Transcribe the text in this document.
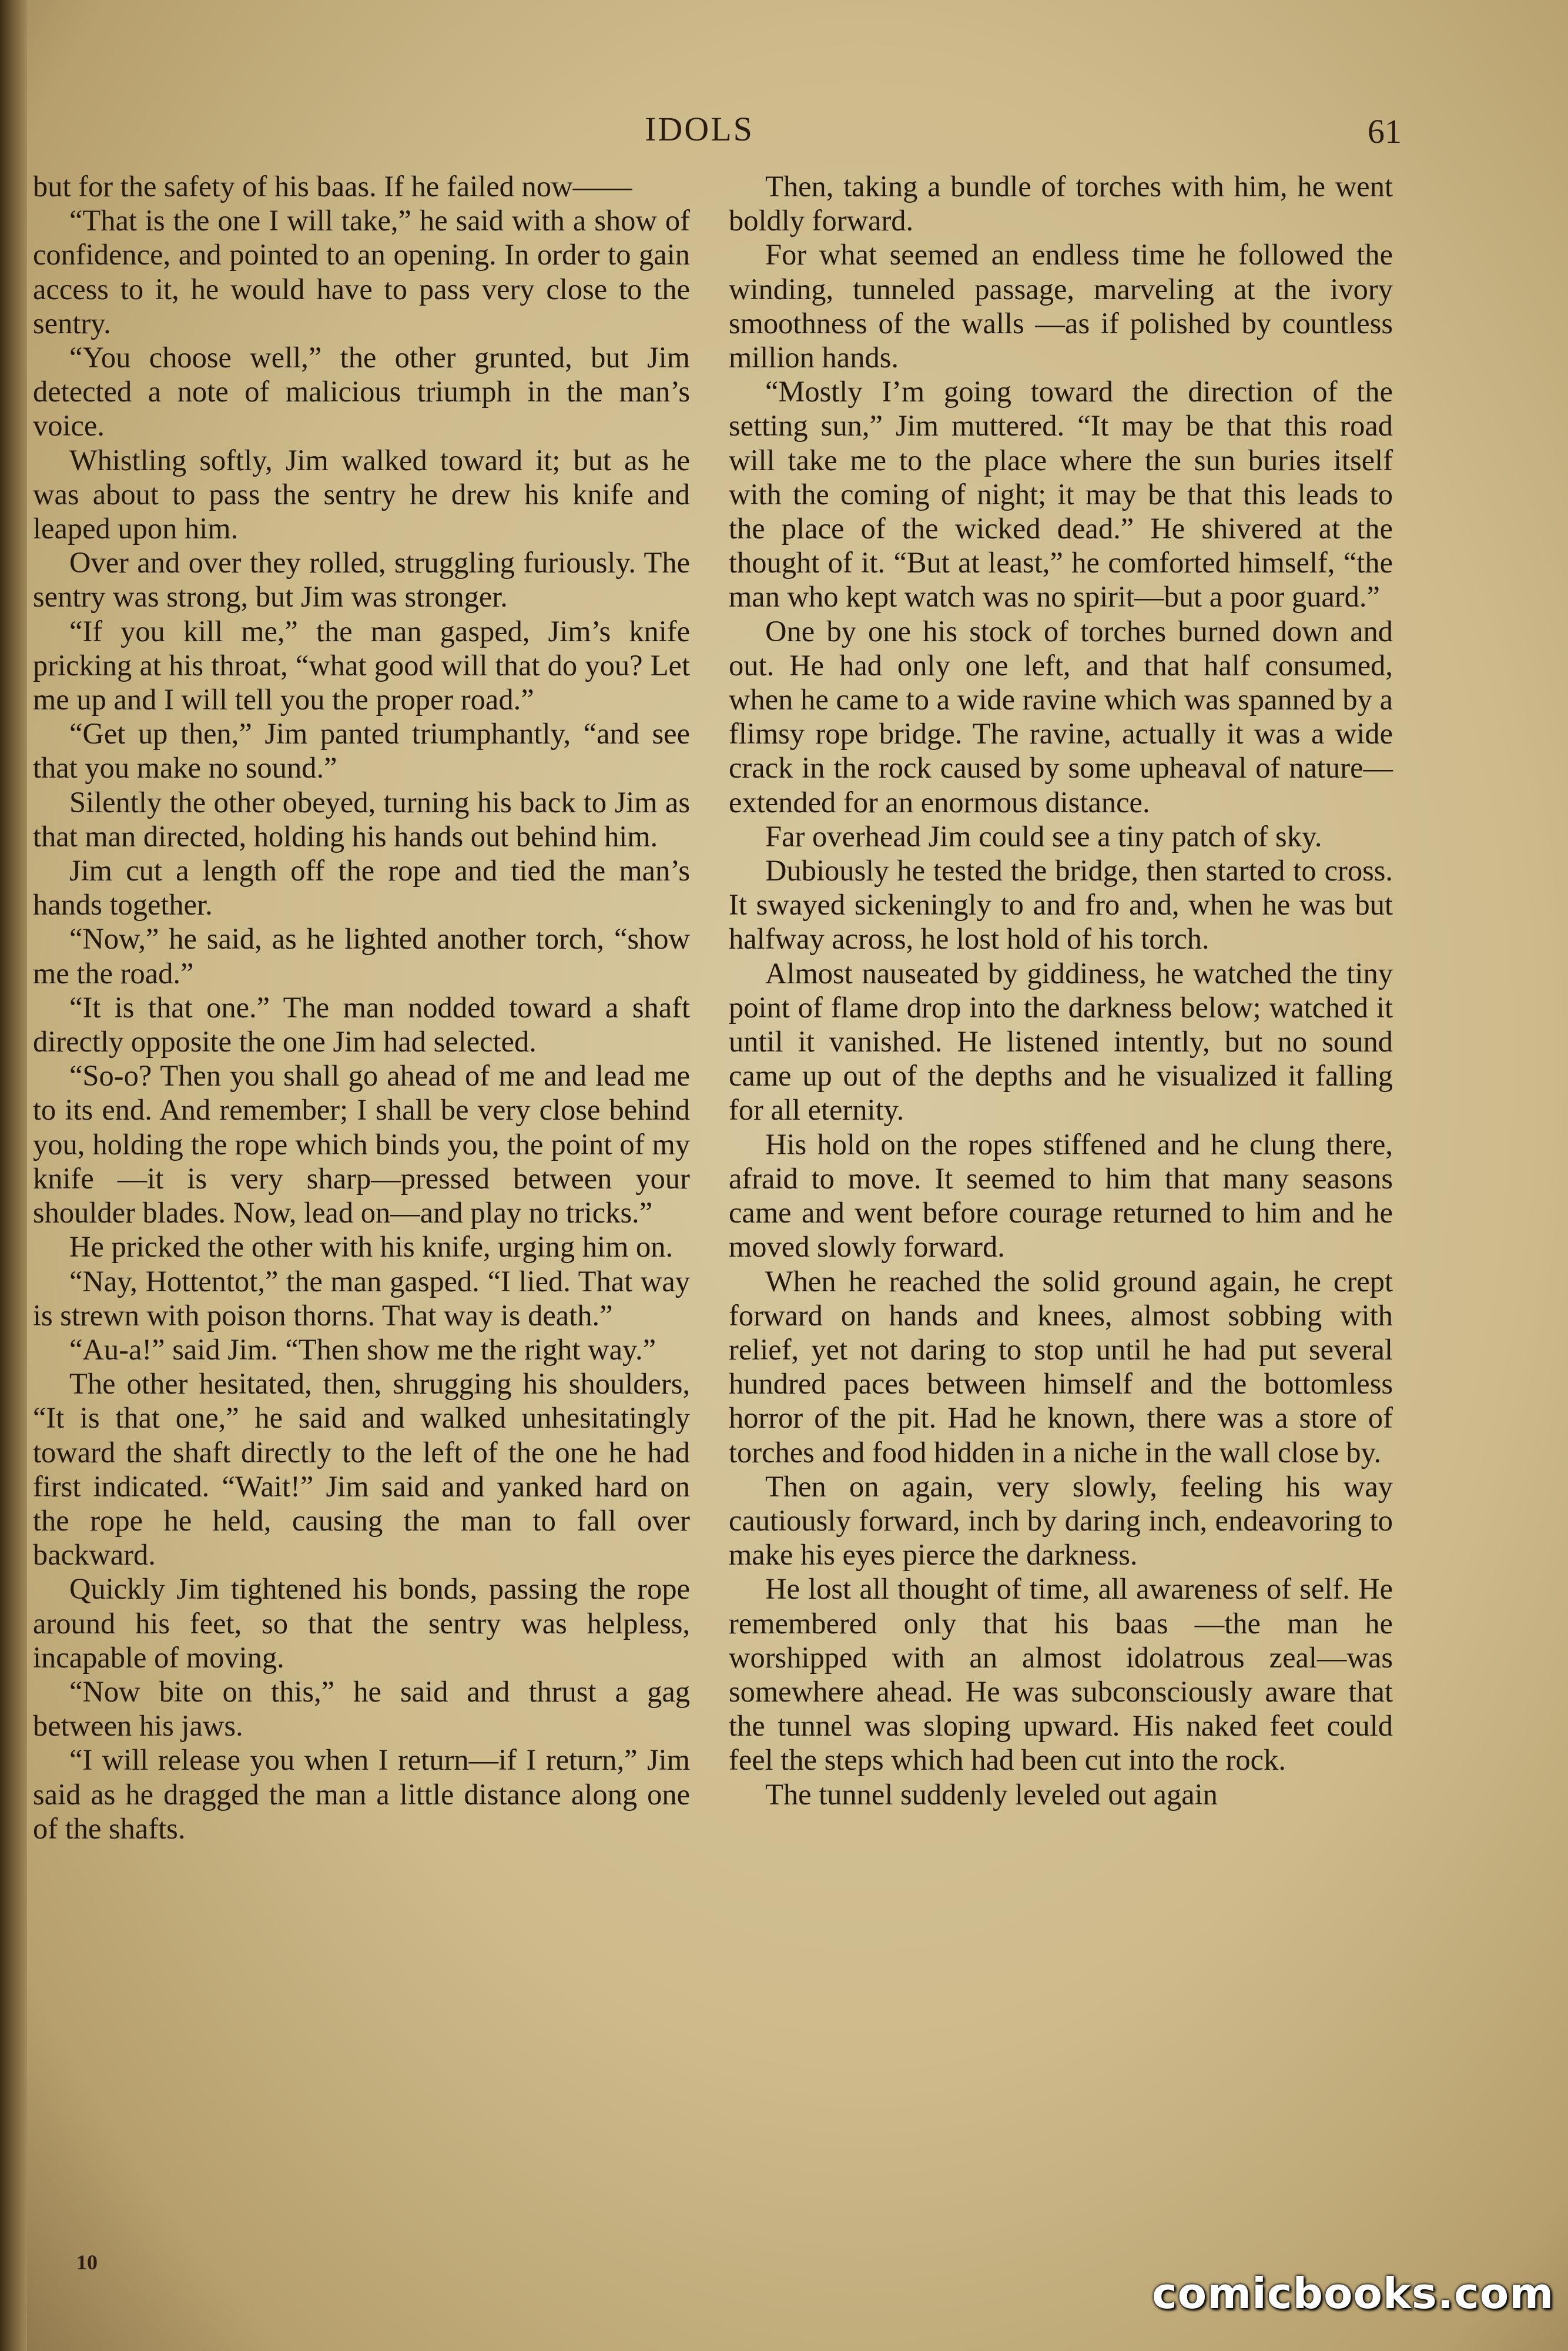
IDOLS	61

but for the safety of his baas. If he failed now——

“That is the one I will take,” he said with a show of confidence, and pointed to an opening. In order to gain access to it, he would have to pass very close to the sentry.

“You choose well,” the other grunted, but Jim detected a note of malicious triumph in the man’s voice.

Whistling softly, Jim walked toward it; but as he was about to pass the sentry he drew his knife and leaped upon him.

Over and over they rolled, struggling furiously. The sentry was strong, but Jim was stronger.

“If you kill me,” the man gasped, Jim’s knife pricking at his throat, “what good will that do you? Let me up and I will tell you the proper road.”

“Get up then,” Jim panted triumphantly, “and see that you make no sound.”

Silently the other obeyed, turning his back to Jim as that man directed, holding his hands out behind him.

Jim cut a length off the rope and tied the man’s hands together.

“Now,” he said, as he lighted another torch, “show me the road.”

“It is that one.” The man nodded toward a shaft directly opposite the one Jim had selected.

“So-o? Then you shall go ahead of me and lead me to its end. And remember; I shall be very close behind you, holding the rope which binds you, the point of my knife —it is very sharp—pressed between your shoulder blades. Now, lead on—and play no tricks.”

He pricked the other with his knife, urging him on.

“Nay, Hottentot,” the man gasped. “I lied. That way is strewn with poison thorns. That way is death.”

“Au-a!” said Jim. “Then show me the right way.”

The other hesitated, then, shrugging his shoulders, “It is that one,” he said and walked unhesitatingly toward the shaft directly to the left of the one he had first indicated. “Wait!” Jim said and yanked hard on the rope he held, causing the man to fall over backward.

Quickly Jim tightened his bonds, passing the rope around his feet, so that the sentry was helpless, incapable of moving.

“Now bite on this,” he said and thrust a gag between his jaws.

“I will release you when I return—if I return,” Jim said as he dragged the man a little distance along one of the shafts.

Then, taking a bundle of torches with him, he went boldly forward.

For what seemed an endless time he followed the winding, tunneled passage, marveling at the ivory smoothness of the walls —as if polished by countless million hands.

“Mostly I’m going toward the direction of the setting sun,” Jim muttered. “It may be that this road will take me to the place where the sun buries itself with the coming of night; it may be that this leads to the place of the wicked dead.” He shivered at the thought of it. “But at least,” he comforted himself, “the man who kept watch was no spirit—but a poor guard.”

One by one his stock of torches burned down and out. He had only one left, and that half consumed, when he came to a wide ravine which was spanned by a flimsy rope bridge. The ravine, actually it was a wide crack in the rock caused by some upheaval of nature—extended for an enormous distance.

Far overhead Jim could see a tiny patch of sky.

Dubiously he tested the bridge, then started to cross. It swayed sickeningly to and fro and, when he was but halfway across, he lost hold of his torch.

Almost nauseated by giddiness, he watched the tiny point of flame drop into the darkness below; watched it until it vanished. He listened intently, but no sound came up out of the depths and he visualized it falling for all eternity.

His hold on the ropes stiffened and he clung there, afraid to move. It seemed to him that many seasons came and went before courage returned to him and he moved slowly forward.

When he reached the solid ground again, he crept forward on hands and knees, almost sobbing with relief, yet not daring to stop until he had put several hundred paces between himself and the bottomless horror of the pit. Had he known, there was a store of torches and food hidden in a niche in the wall close by.

Then on again, very slowly, feeling his way cautiously forward, inch by daring inch, endeavoring to make his eyes pierce the darkness.

He lost all thought of time, all awareness of self. He remembered only that his baas —the man he worshipped with an almost idolatrous zeal—was somewhere ahead. He was subconsciously aware that the tunnel was sloping upward. His naked feet could feel the steps which had been cut into the rock.

The tunnel suddenly leveled out again

10
comicbooks.com
